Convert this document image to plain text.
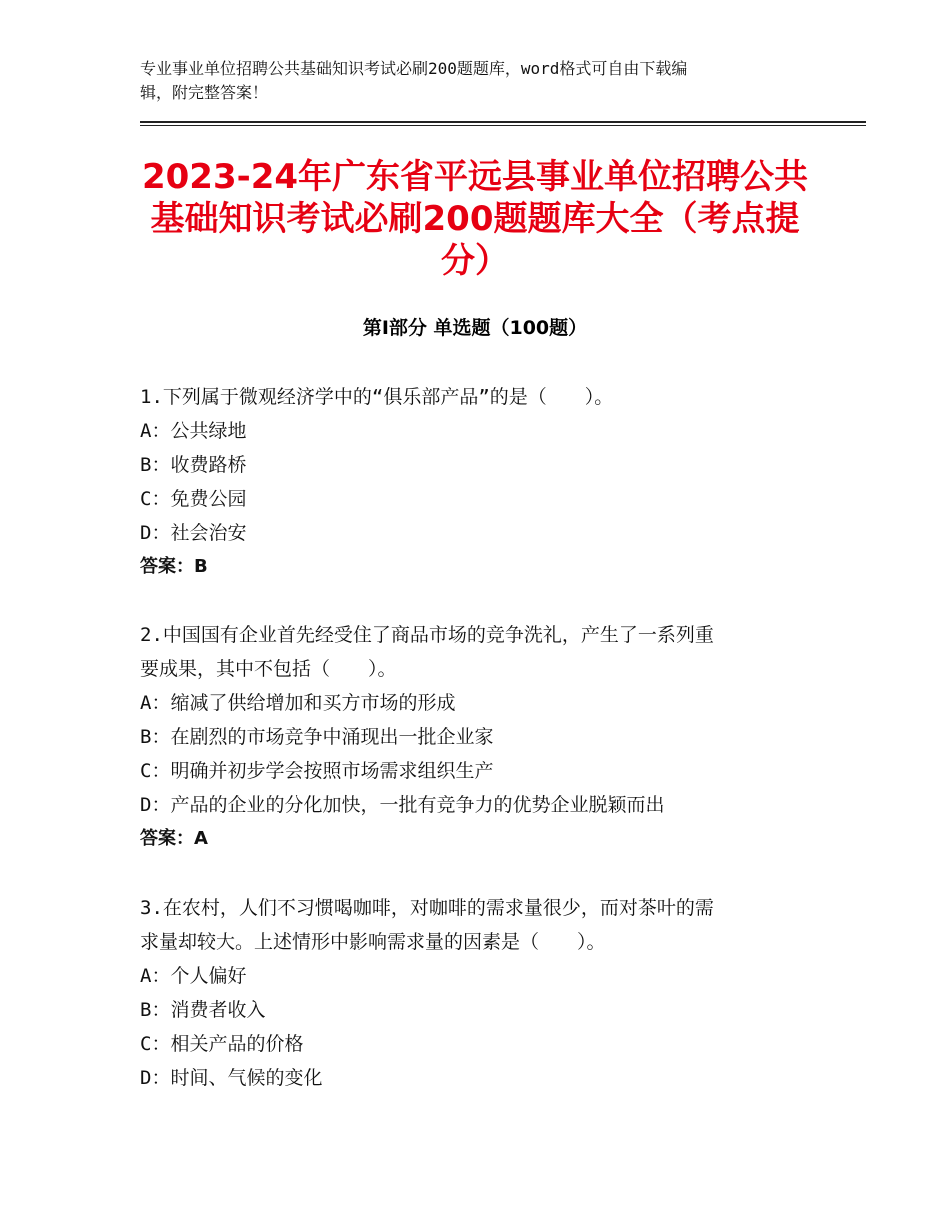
专业事业单位招聘公共基础知识考试必刷200题题库，word格式可自由下载编
辑，附完整答案！
2023-24年广东省平远县事业单位招聘公共
基础知识考试必刷200题题库大全（考点提
分）
第Ⅰ部分 单选题（100题）

1.下列属于微观经济学中的“俱乐部产品”的是（　　）。

A：公共绿地

B：收费路桥

C：免费公园

D：社会治安

答案：B

2.中国国有企业首先经受住了商品市场的竞争洗礼，产生了一系列重

要成果，其中不包括（　　）。

A：缩减了供给增加和买方市场的形成

B：在剧烈的市场竞争中涌现出一批企业家

C：明确并初步学会按照市场需求组织生产

D：产品的企业的分化加快，一批有竞争力的优势企业脱颖而出

答案：A

3.在农村，人们不习惯喝咖啡，对咖啡的需求量很少，而对茶叶的需

求量却较大。上述情形中影响需求量的因素是（　　）。

A：个人偏好

B：消费者收入

C：相关产品的价格

D：时间、气候的变化
